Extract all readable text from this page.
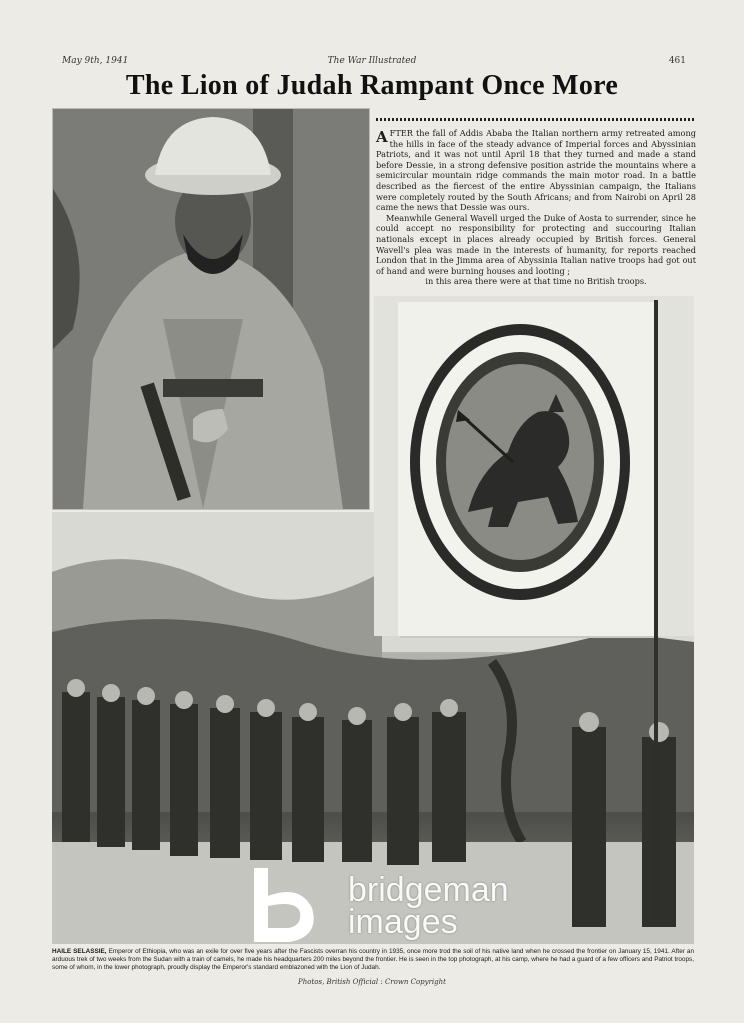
May 9th, 1941	The War Illustrated	461
The Lion of Judah Rampant Once More

AFTER the fall of Addis Ababa the Italian northern army retreated among the hills in face of the steady advance of Imperial forces and Abyssinian Patriots, and it was not until April 18 that they turned and made a stand before Dessie, in a strong defensive position astride the mountains where a semicircular mountain ridge commands the main motor road. In a battle described as the fiercest of the entire Abyssinian campaign, the Italians were completely routed by the South Africans; and from Nairobi on April 28 came the news that Dessie was ours.

Meanwhile General Wavell urged the Duke of Aosta to surrender, since he could accept no responsibility for protecting and succouring Italian nationals except in places already occupied by British forces. General Wavell's plea was made in the interests of humanity, for reports reached London that in the Jimma area of Abyssinia Italian native troops had got out of hand and were burning houses and looting ;

in this area there were at that time no British troops.

bridgeman
images
HAILE SELASSIE, Emperor of Ethiopia, who was an exile for over five years after the Fascists overran his country in 1935, once more trod the soil of his native land when he crossed the frontier on January 15, 1941. After an arduous trek of two weeks from the Sudan with a train of camels, he made his headquarters 200 miles beyond the frontier. He is seen in the top photograph, at his camp, where he had a guard of a few officers and Patriot troops, some of whom, in the lower photograph, proudly display the Emperor's standard emblazoned with the Lion of Judah.
Photos, British Official : Crown Copyright
